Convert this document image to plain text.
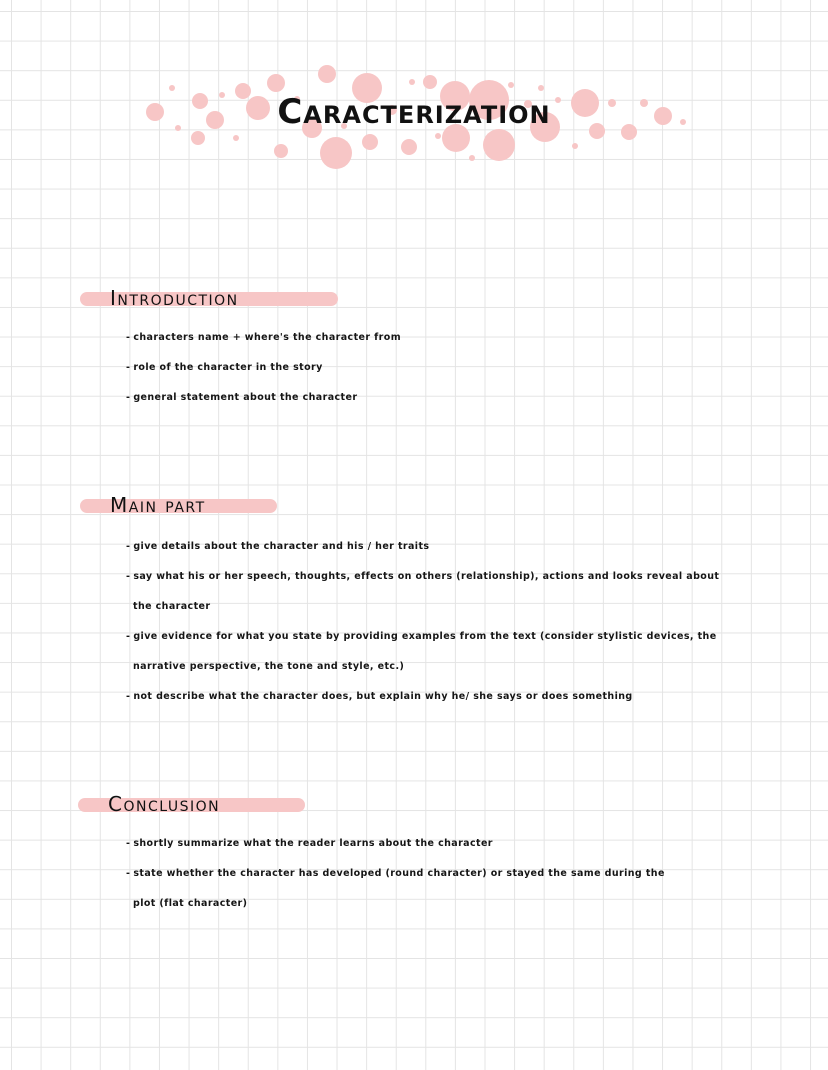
Caracterization
Introduction
- characters name + where's the character from
- role of the character in the story
- general statement about the character
Main part
- give details about the character and his / her traits
- say what his or her speech, thoughts, effects on others (relationship), actions and looks reveal about
the character
- give evidence for what you state by providing examples from the text (consider stylistic devices, the
narrative perspective, the tone and style, etc.)
- not describe what the character does, but explain why he/ she says or does something
Conclusion
- shortly summarize what the reader learns about the character
- state whether the character has developed (round character) or stayed the same during the
plot (flat character)
